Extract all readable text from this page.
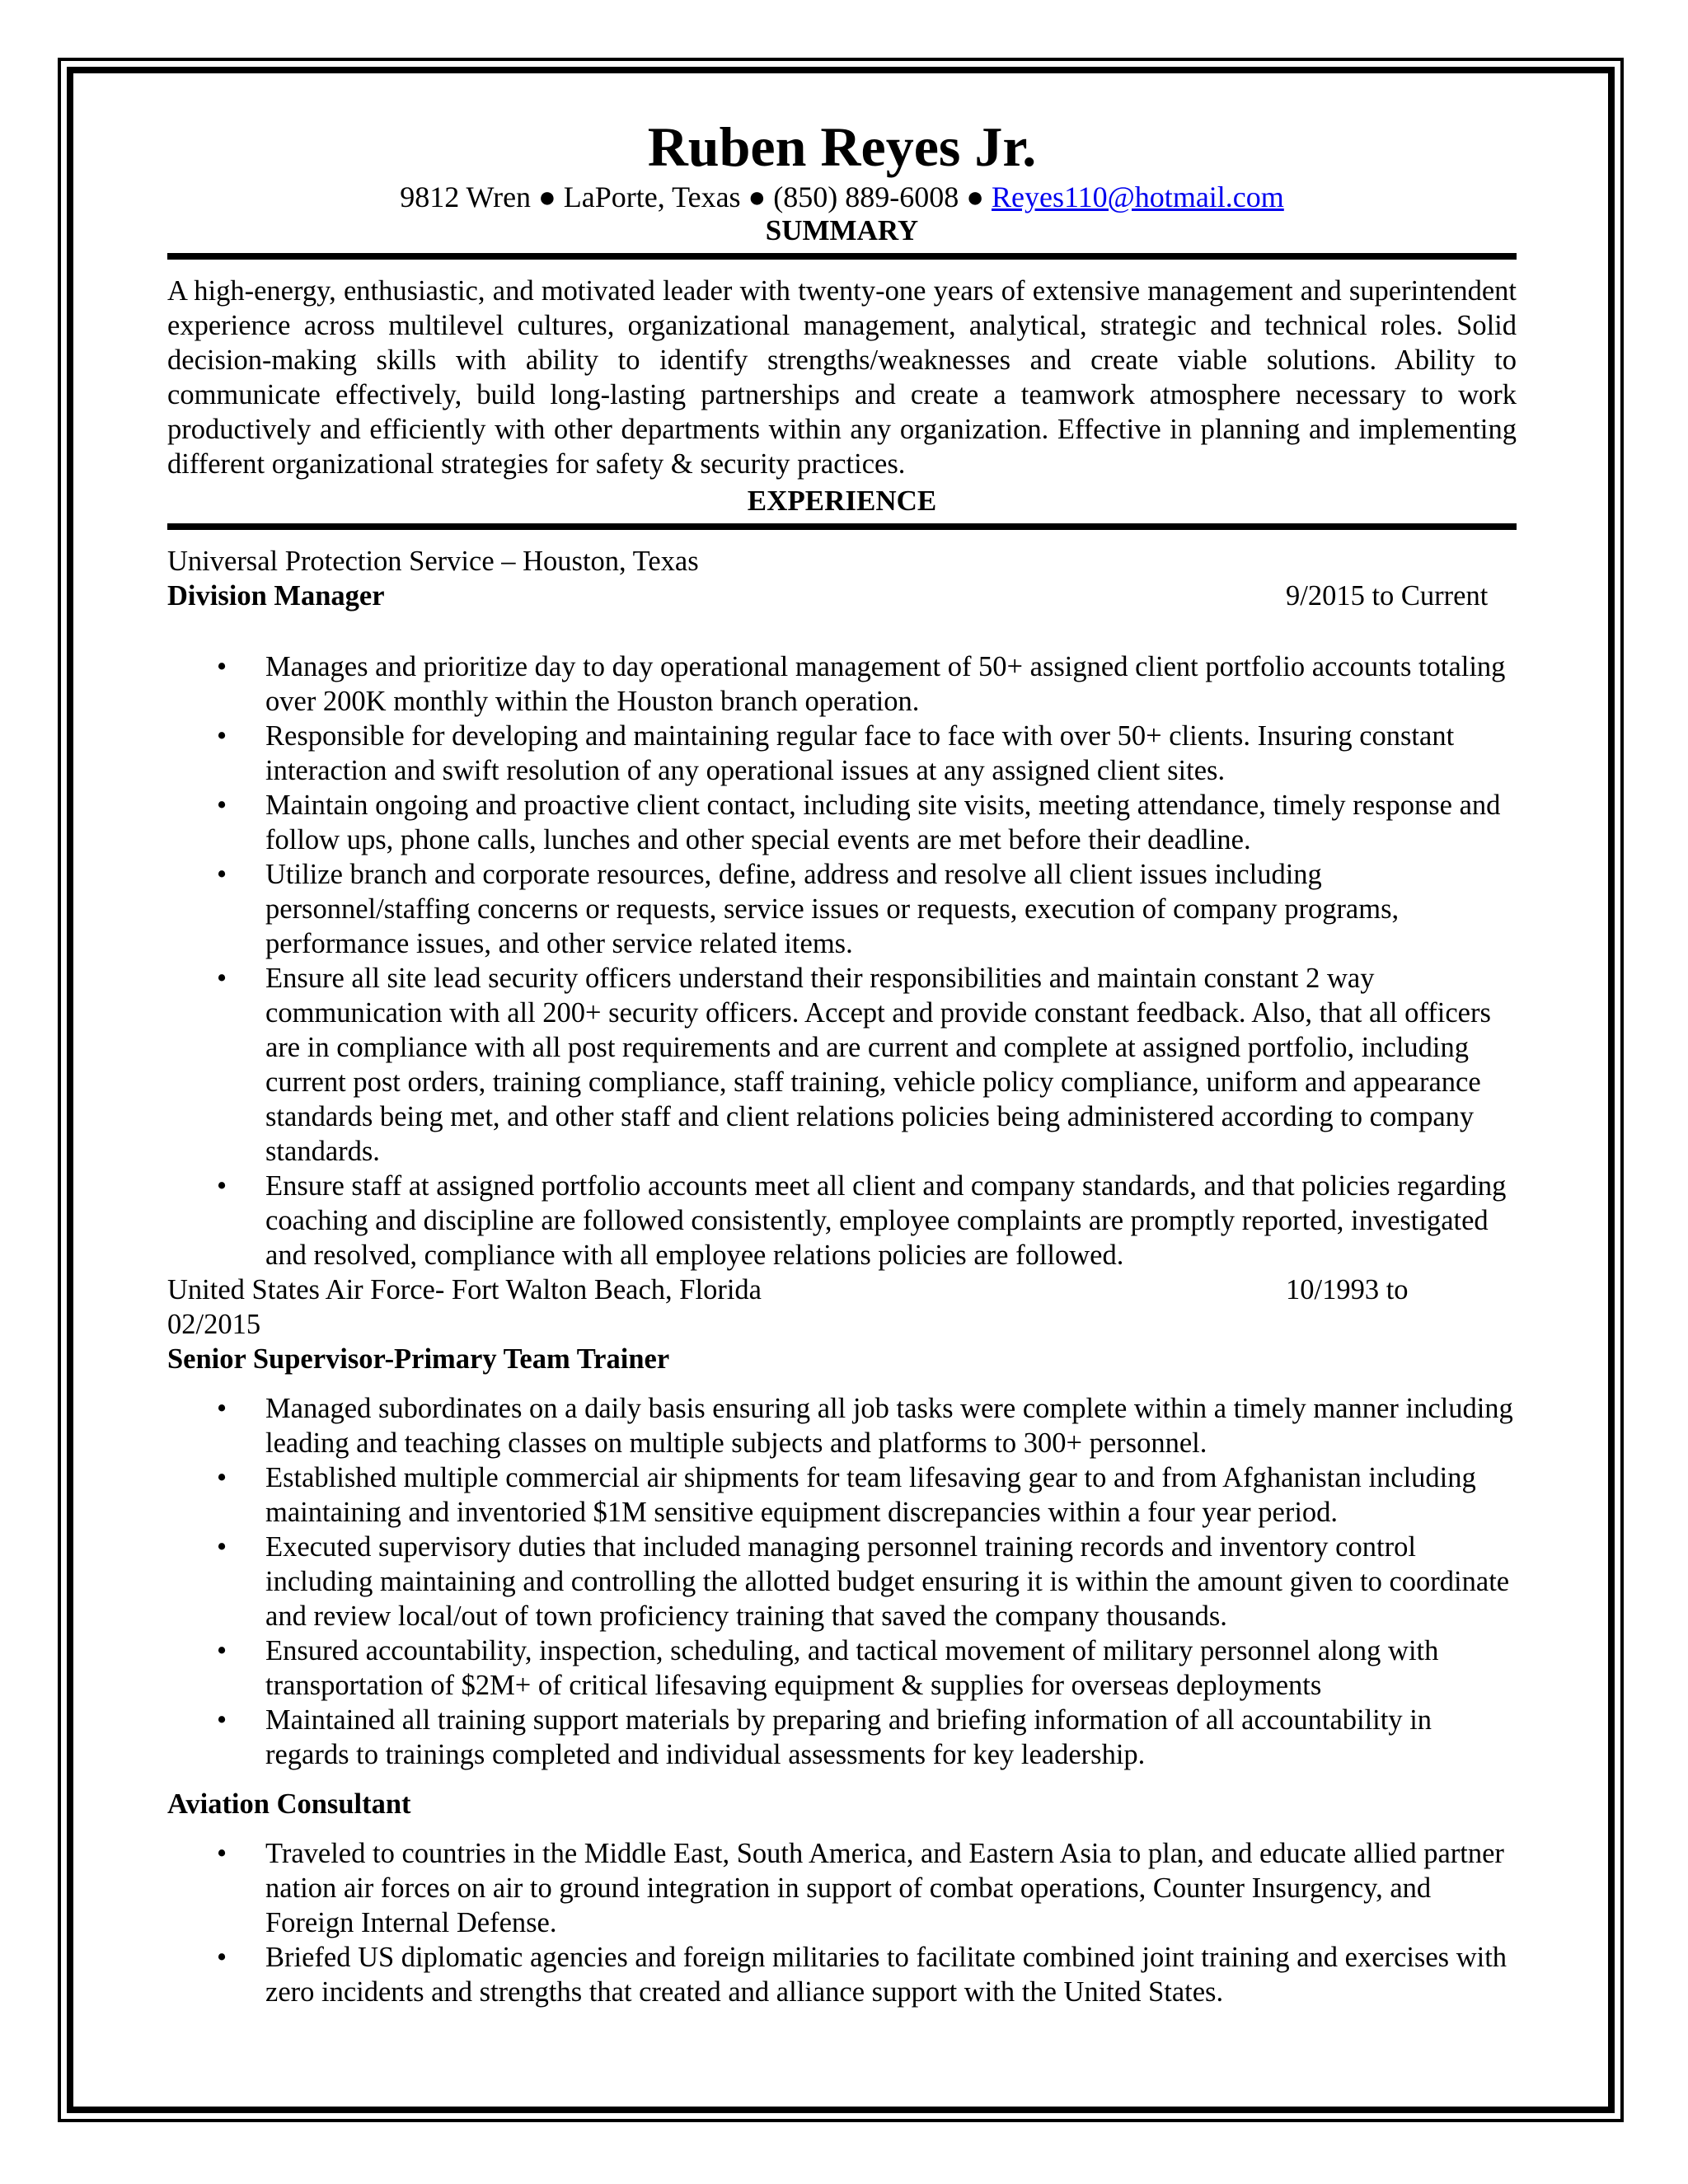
Ruben Reyes Jr.
9812 Wren ● LaPorte, Texas ● (850) 889-6008 ● Reyes110@hotmail.com
SUMMARY
A high-energy, enthusiastic, and motivated leader with twenty-one years of extensive management and superintendent experience across multilevel cultures, organizational management, analytical, strategic and technical roles. Solid decision-making skills with ability to identify strengths/weaknesses and create viable solutions. Ability to communicate effectively, build long-lasting partnerships and create a teamwork atmosphere necessary to work productively and efficiently with other departments within any organization. Effective in planning and implementing different organizational strategies for safety & security practices.
EXPERIENCE
Universal Protection Service – Houston, Texas
Division Manager	9/2015 to Current
• Manages and prioritize day to day operational management of 50+ assigned client portfolio accounts totaling over 200K monthly within the Houston branch operation.
• Responsible for developing and maintaining regular face to face with over 50+ clients. Insuring constant interaction and swift resolution of any operational issues at any assigned client sites.
• Maintain ongoing and proactive client contact, including site visits, meeting attendance, timely response and follow ups, phone calls, lunches and other special events are met before their deadline.
• Utilize branch and corporate resources, define, address and resolve all client issues including personnel/staffing concerns or requests, service issues or requests, execution of company programs, performance issues, and other service related items.
• Ensure all site lead security officers understand their responsibilities and maintain constant 2 way communication with all 200+ security officers. Accept and provide constant feedback. Also, that all officers are in compliance with all post requirements and are current and complete at assigned portfolio, including current post orders, training compliance, staff training, vehicle policy compliance, uniform and appearance standards being met, and other staff and client relations policies being administered according to company standards.
• Ensure staff at assigned portfolio accounts meet all client and company standards, and that policies regarding coaching and discipline are followed consistently, employee complaints are promptly reported, investigated and resolved, compliance with all employee relations policies are followed.
United States Air Force- Fort Walton Beach, Florida	10/1993 to
02/2015
Senior Supervisor-Primary Team Trainer
• Managed subordinates on a daily basis ensuring all job tasks were complete within a timely manner including leading and teaching classes on multiple subjects and platforms to 300+ personnel.
• Established multiple commercial air shipments for team lifesaving gear to and from Afghanistan including maintaining and inventoried $1M sensitive equipment discrepancies within a four year period.
• Executed supervisory duties that included managing personnel training records and inventory control including maintaining and controlling the allotted budget ensuring it is within the amount given to coordinate and review local/out of town proficiency training that saved the company thousands.
• Ensured accountability, inspection, scheduling, and tactical movement of military personnel along with transportation of $2M+ of critical lifesaving equipment & supplies for overseas deployments
• Maintained all training support materials by preparing and briefing information of all accountability in regards to trainings completed and individual assessments for key leadership.
Aviation Consultant
• Traveled to countries in the Middle East, South America, and Eastern Asia to plan, and educate allied partner nation air forces on air to ground integration in support of combat operations, Counter Insurgency, and Foreign Internal Defense.
• Briefed US diplomatic agencies and foreign militaries to facilitate combined joint training and exercises with zero incidents and strengths that created and alliance support with the United States.
